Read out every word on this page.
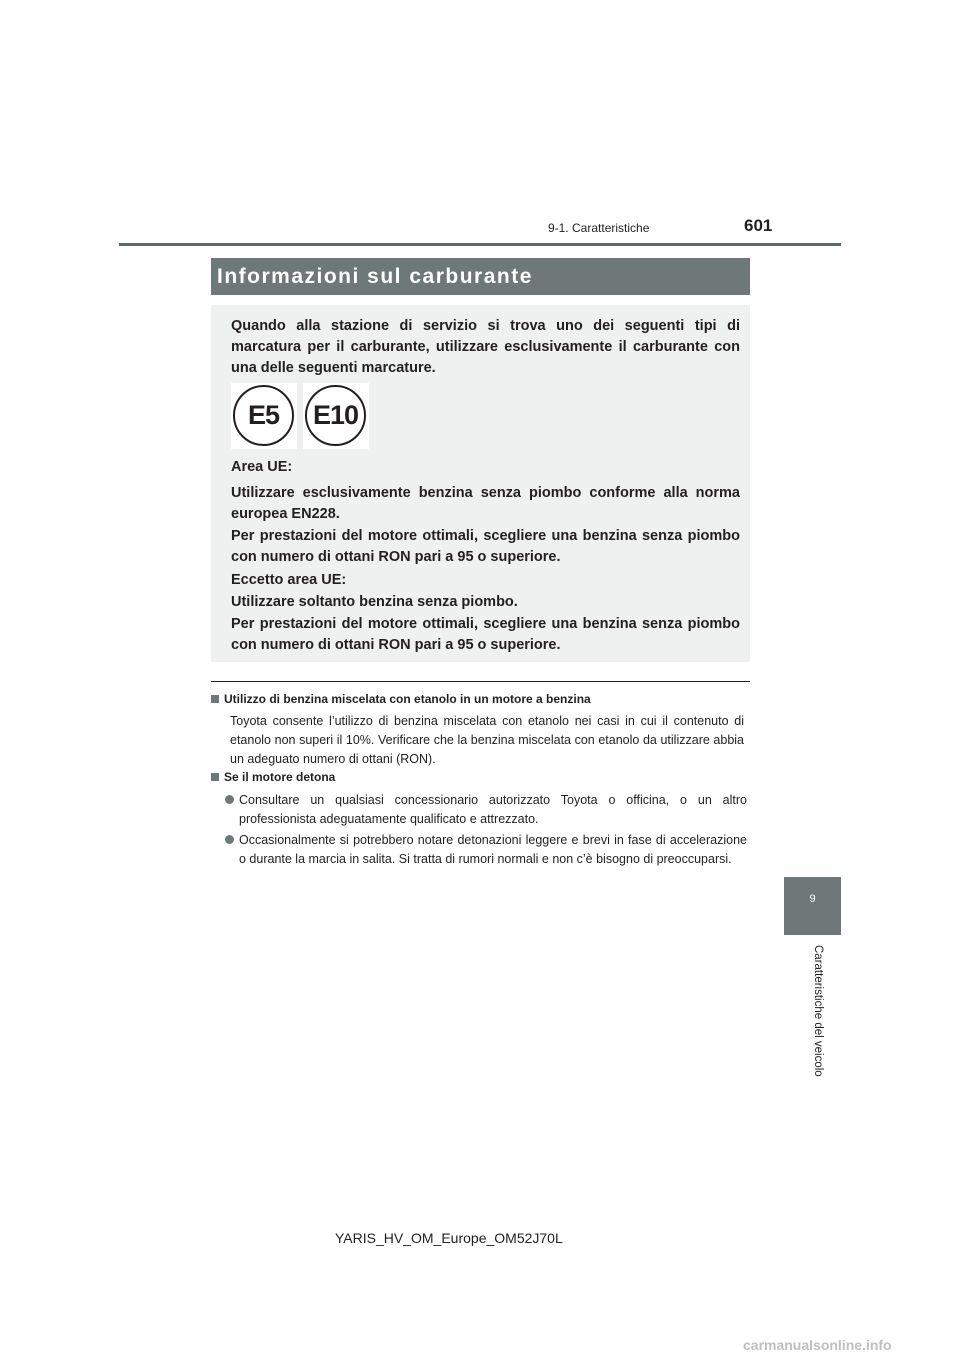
9-1. Caratteristiche	601
Informazioni sul carburante

Quando alla stazione di servizio si trova uno dei seguenti tipi di marcatura per il carburante, utilizzare esclusivamente il carburante con una delle seguenti marcature.

E5	E10

Area UE:

Utilizzare esclusivamente benzina senza piombo conforme alla norma europea EN228.

Per prestazioni del motore ottimali, scegliere una benzina senza piombo con numero di ottani RON pari a 95 o superiore.

Eccetto area UE:

Utilizzare soltanto benzina senza piombo.

Per prestazioni del motore ottimali, scegliere una benzina senza piombo con numero di ottani RON pari a 95 o superiore.

Utilizzo di benzina miscelata con etanolo in un motore a benzina

Toyota consente l’utilizzo di benzina miscelata con etanolo nei casi in cui il contenuto di etanolo non superi il 10%. Verificare che la benzina miscelata con etanolo da utilizzare abbia un adeguato numero di ottani (RON).

Se il motore detona

Consultare un qualsiasi concessionario autorizzato Toyota o officina, o un altro professionista adeguatamente qualificato e attrezzato.

Occasionalmente si potrebbero notare detonazioni leggere e brevi in fase di accelerazione o durante la marcia in salita. Si tratta di rumori normali e non c’è bisogno di preoccuparsi.

9
Caratteristiche del veicolo
YARIS_HV_OM_Europe_OM52J70L
carmanualsonline.info
